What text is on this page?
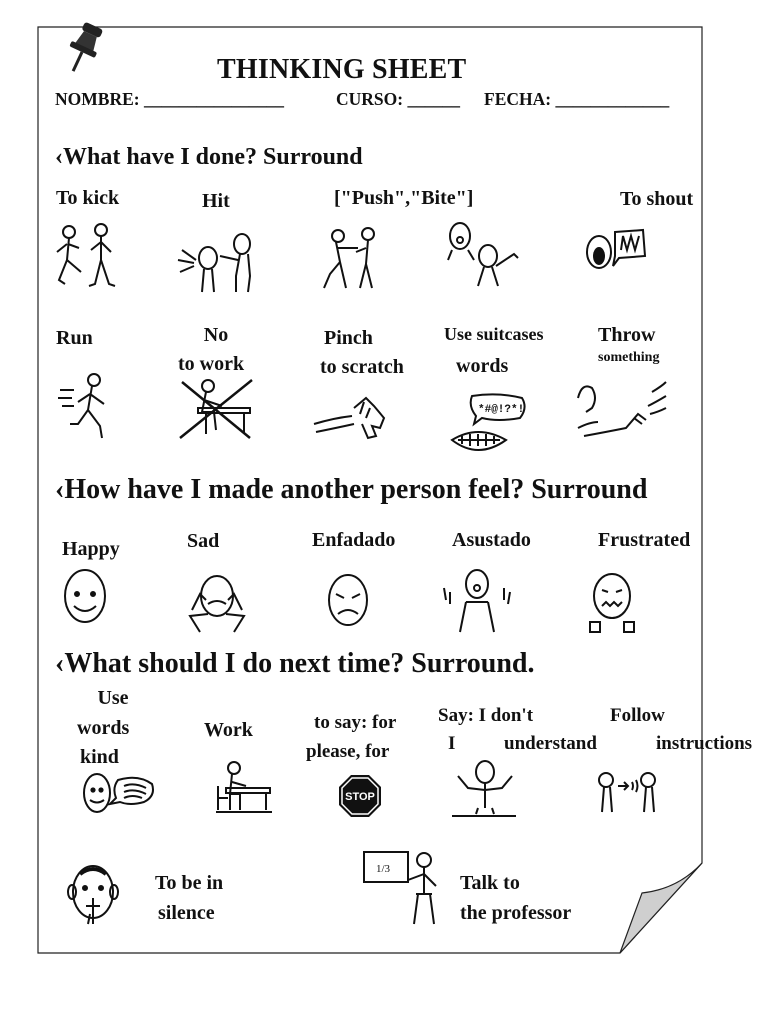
THINKING SHEET
NOMBRE: ________________	CURSO: ______ FECHA: _____________
‹What have I done? Surround
To kick	Hit	["Push","Bite"]	To shout
Run	No
to work
Pinch
to scratch
Use suitcases
words
Throw
something
*#@!?*!
‹How have I made another person feel? Surround
Happy	Sad	Enfadado	Asustado	Frustrated
‹What should I do next time? Surround.
Use
words
kind
Work	to say: for
please, for
Say: I don't
I	understand
Follow
instructions
STOP
To be in
silence
1/3
Talk to
the professor
